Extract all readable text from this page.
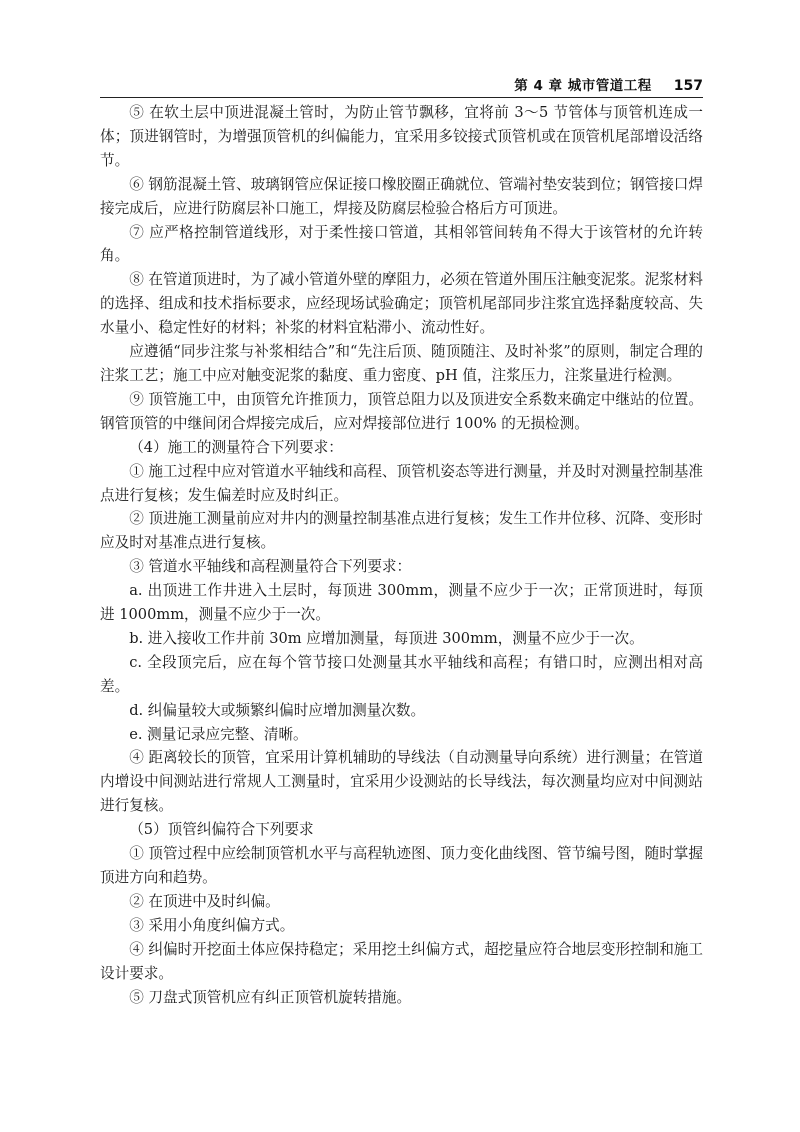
第 4 章 城市管道工程 157

⑤ 在软土层中顶进混凝土管时，为防止管节飘移，宜将前 3～5 节管体与顶管机连成一体；顶进钢管时，为增强顶管机的纠偏能力，宜采用多铰接式顶管机或在顶管机尾部增设活络节。

⑥ 钢筋混凝土管、玻璃钢管应保证接口橡胶圈正确就位、管端衬垫安装到位；钢管接口焊接完成后，应进行防腐层补口施工，焊接及防腐层检验合格后方可顶进。

⑦ 应严格控制管道线形，对于柔性接口管道，其相邻管间转角不得大于该管材的允许转角。

⑧ 在管道顶进时，为了减小管道外壁的摩阻力，必须在管道外围压注触变泥浆。泥浆材料的选择、组成和技术指标要求，应经现场试验确定；顶管机尾部同步注浆宜选择黏度较高、失水量小、稳定性好的材料；补浆的材料宜粘滞小、流动性好。

应遵循“同步注浆与补浆相结合”和“先注后顶、随顶随注、及时补浆”的原则，制定合理的注浆工艺；施工中应对触变泥浆的黏度、重力密度、pH 值，注浆压力，注浆量进行检测。

⑨ 顶管施工中，由顶管允许推顶力，顶管总阻力以及顶进安全系数来确定中继站的位置。钢管顶管的中继间闭合焊接完成后，应对焊接部位进行 100% 的无损检测。

（4）施工的测量符合下列要求：

① 施工过程中应对管道水平轴线和高程、顶管机姿态等进行测量，并及时对测量控制基准点进行复核；发生偏差时应及时纠正。

② 顶进施工测量前应对井内的测量控制基准点进行复核；发生工作井位移、沉降、变形时应及时对基准点进行复核。

③ 管道水平轴线和高程测量符合下列要求：

a. 出顶进工作井进入土层时，每顶进 300mm，测量不应少于一次；正常顶进时，每顶进 1000mm，测量不应少于一次。

b. 进入接收工作井前 30m 应增加测量，每顶进 300mm，测量不应少于一次。

c. 全段顶完后，应在每个管节接口处测量其水平轴线和高程；有错口时，应测出相对高差。

d. 纠偏量较大或频繁纠偏时应增加测量次数。

e. 测量记录应完整、清晰。

④ 距离较长的顶管，宜采用计算机辅助的导线法（自动测量导向系统）进行测量；在管道内增设中间测站进行常规人工测量时，宜采用少设测站的长导线法，每次测量均应对中间测站进行复核。

（5）顶管纠偏符合下列要求

① 顶管过程中应绘制顶管机水平与高程轨迹图、顶力变化曲线图、管节编号图，随时掌握顶进方向和趋势。

② 在顶进中及时纠偏。

③ 采用小角度纠偏方式。

④ 纠偏时开挖面土体应保持稳定；采用挖土纠偏方式，超挖量应符合地层变形控制和施工设计要求。

⑤ 刀盘式顶管机应有纠正顶管机旋转措施。
